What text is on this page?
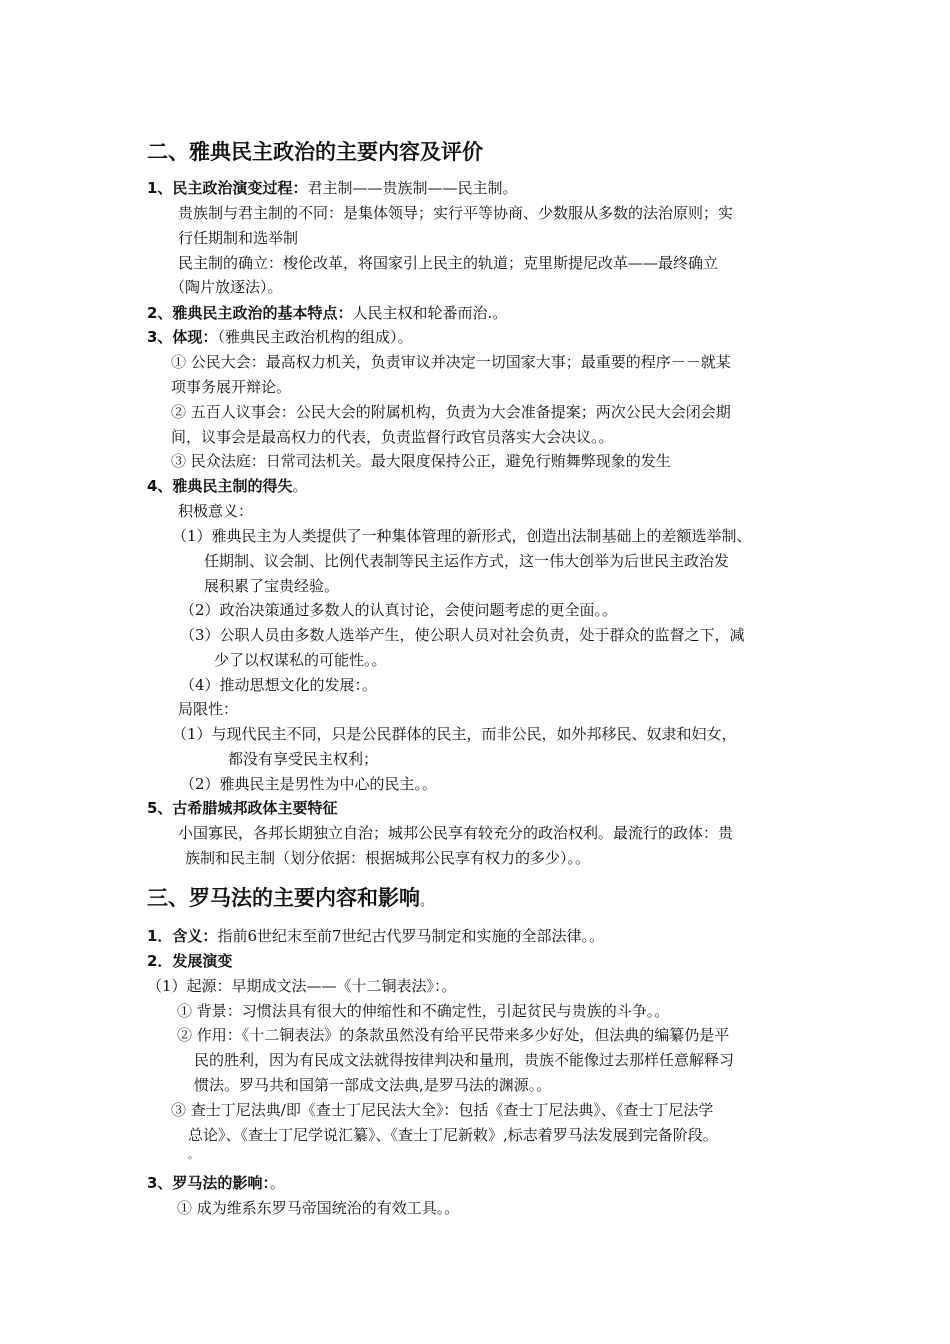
二、雅典民主政治的主要内容及评价
1、民主政治演变过程：君主制——贵族制——民主制。
贵族制与君主制的不同：是集体领导；实行平等协商、少数服从多数的法治原则；实
行任期制和选举制
民主制的确立：梭伦改革，将国家引上民主的轨道；克里斯提尼改革——最终确立
（陶片放逐法）。
2、雅典民主政治的基本特点：人民主权和轮番而治.。
3、体现：（雅典民主政治机构的组成）。
① 公民大会：最高权力机关，负责审议并决定一切国家大事；最重要的程序－－就某
项事务展开辩论。
② 五百人议事会：公民大会的附属机构，负责为大会准备提案；两次公民大会闭会期
间，议事会是最高权力的代表，负责监督行政官员落实大会决议。。
③ 民众法庭：日常司法机关。最大限度保持公正，避免行贿舞弊现象的发生
4、雅典民主制的得失。
积极意义：
（1）雅典民主为人类提供了一种集体管理的新形式，创造出法制基础上的差额选举制、
任期制、议会制、比例代表制等民主运作方式，这一伟大创举为后世民主政治发
展积累了宝贵经验。
（2）政治决策通过多数人的认真讨论，会使问题考虑的更全面。。
（3）公职人员由多数人选举产生，使公职人员对社会负责，处于群众的监督之下，减
少了以权谋私的可能性。。
（4）推动思想文化的发展：。
局限性：
（1）与现代民主不同，只是公民群体的民主，而非公民，如外邦移民、奴隶和妇女，
都没有享受民主权利；
（2）雅典民主是男性为中心的民主。。
5、古希腊城邦政体主要特征
小国寡民，各邦长期独立自治；城邦公民享有较充分的政治权利。最流行的政体：贵
族制和民主制（划分依据：根据城邦公民享有权力的多少）。。
三、罗马法的主要内容和影响。
1．含义：指前6世纪末至前7世纪古代罗马制定和实施的全部法律。。
2．发展演变
（1）起源：早期成文法——《十二铜表法》：。
① 背景：习惯法具有很大的伸缩性和不确定性，引起贫民与贵族的斗争。。
② 作用：《十二铜表法》的条款虽然没有给平民带来多少好处，但法典的编纂仍是平
民的胜利，因为有民成文法就得按律判决和量刑，贵族不能像过去那样任意解释习
惯法。罗马共和国第一部成文法典,是罗马法的渊源。。
③ 查士丁尼法典/即《查士丁尼民法大全》：包括《查士丁尼法典》、《查士丁尼法学
总论》、《查士丁尼学说汇纂》、《查士丁尼新敕》,标志着罗马法发展到完备阶段。
。
3、罗马法的影响：。
① 成为维系东罗马帝国统治的有效工具。。
